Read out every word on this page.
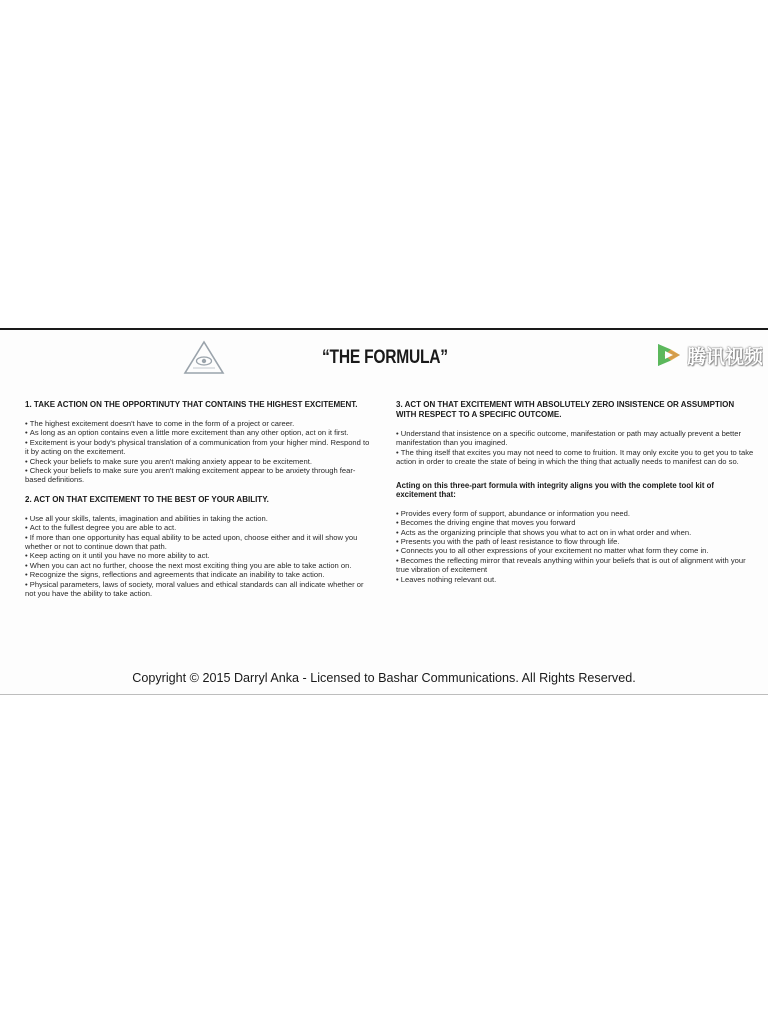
“THE FORMULA”	腾讯视频
1. TAKE ACTION ON THE OPPORTINUTY THAT CONTAINS THE HIGHEST EXCITEMENT.
• The highest excitement doesn't have to come in the form of a project or career.
• As long as an option contains even a little more excitement than any other option, act on it first.
• Excitement is your body's physical translation of a communication from your higher mind. Respond to it by acting on the excitement.
• Check your beliefs to make sure you aren't making anxiety appear to be excitement.
• Check your beliefs to make sure you aren't making excitement appear to be anxiety through fear-based definitions.
2. ACT ON THAT EXCITEMENT TO THE BEST OF YOUR ABILITY.
• Use all your skills, talents, imagination and abilities in taking the action.
• Act to the fullest degree you are able to act.
• If more than one opportunity has equal ability to be acted upon, choose either and it will show you whether or not to continue down that path.
• Keep acting on it until you have no more ability to act.
• When you can act no further, choose the next most exciting thing you are able to take action on.
• Recognize the signs, reflections and agreements that indicate an inability to take action.
• Physical parameters, laws of society, moral values and ethical standards can all indicate whether or not you have the ability to take action.
3. ACT ON THAT EXCITEMENT WITH ABSOLUTELY ZERO INSISTENCE OR ASSUMPTION WITH RESPECT TO A SPECIFIC OUTCOME.
• Understand that insistence on a specific outcome, manifestation or path may actually prevent a better manifestation than you imagined.
• The thing itself that excites you may not need to come to fruition. It may only excite you to get you to take action in order to create the state of being in which the thing that actually needs to manifest can do so.
Acting on this three-part formula with integrity aligns you with the complete tool kit of excitement that:
• Provides every form of support, abundance or information you need.
• Becomes the driving engine that moves you forward
• Acts as the organizing principle that shows you what to act on in what order and when.
• Presents you with the path of least resistance to flow through life.
• Connects you to all other expressions of your excitement no matter what form they come in.
• Becomes the reflecting mirror that reveals anything within your beliefs that is out of alignment with your true vibration of excitement
• Leaves nothing relevant out.
Copyright © 2015 Darryl Anka - Licensed to Bashar Communications. All Rights Reserved.
